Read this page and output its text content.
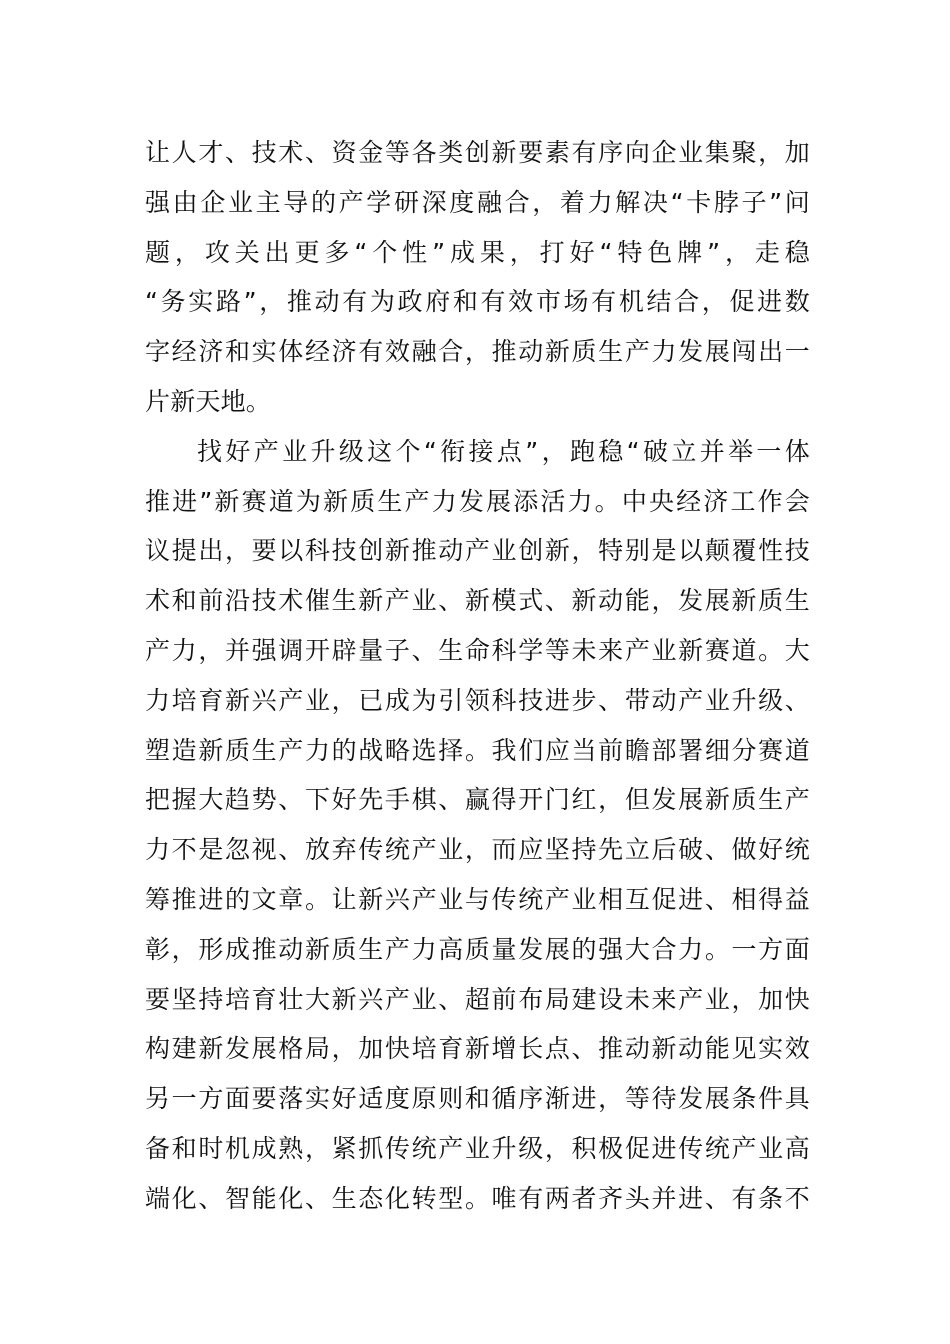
让人才、技术、资金等各类创新要素有序向企业集聚，加
强由企业主导的产学研深度融合，着力解决“卡脖子”问
题，攻关出更多“个性”成果，打好“特色牌”，走稳
“务实路”，推动有为政府和有效市场有机结合，促进数
字经济和实体经济有效融合，推动新质生产力发展闯出一
片新天地。
找好产业升级这个“衔接点”，跑稳“破立并举一体
推进”新赛道为新质生产力发展添活力。中央经济工作会
议提出，要以科技创新推动产业创新，特别是以颠覆性技
术和前沿技术催生新产业、新模式、新动能，发展新质生
产力，并强调开辟量子、生命科学等未来产业新赛道。大
力培育新兴产业，已成为引领科技进步、带动产业升级、
塑造新质生产力的战略选择。我们应当前瞻部署细分赛道
把握大趋势、下好先手棋、赢得开门红，但发展新质生产
力不是忽视、放弃传统产业，而应坚持先立后破、做好统
筹推进的文章。让新兴产业与传统产业相互促进、相得益
彰，形成推动新质生产力高质量发展的强大合力。一方面
要坚持培育壮大新兴产业、超前布局建设未来产业，加快
构建新发展格局，加快培育新增长点、推动新动能见实效
另一方面要落实好适度原则和循序渐进，等待发展条件具
备和时机成熟，紧抓传统产业升级，积极促进传统产业高
端化、智能化、生态化转型。唯有两者齐头并进、有条不
